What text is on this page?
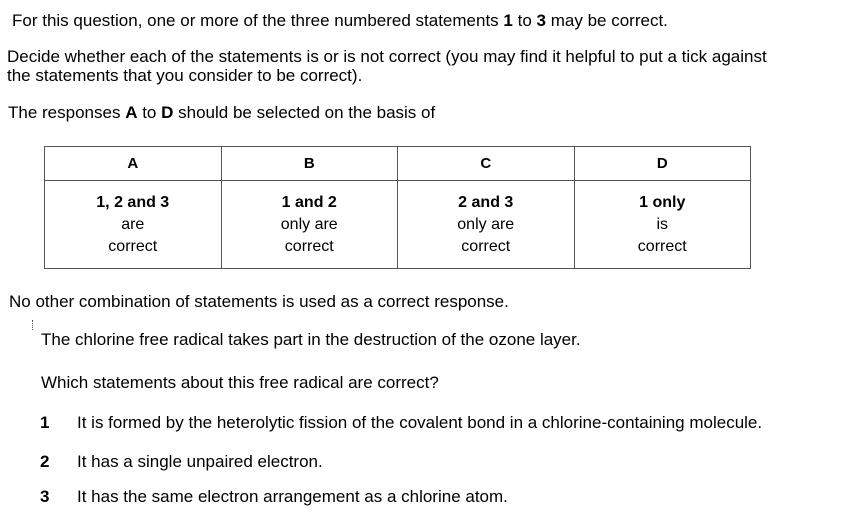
For this question, one or more of the three numbered statements 1 to 3 may be correct.
Decide whether each of the statements is or is not correct (you may find it helpful to put a tick against
the statements that you consider to be correct).
The responses A to D should be selected on the basis of
A	B	C	D

1, 2 and 3
are
correct	1 and 2
only are
correct	2 and 3
only are
correct	1 only
is
correct
No other combination of statements is used as a correct response.
The chlorine free radical takes part in the destruction of the ozone layer.
Which statements about this free radical are correct?
1 It is formed by the heterolytic fission of the covalent bond in a chlorine-containing molecule.
2 It has a single unpaired electron.
3 It has the same electron arrangement as a chlorine atom.
